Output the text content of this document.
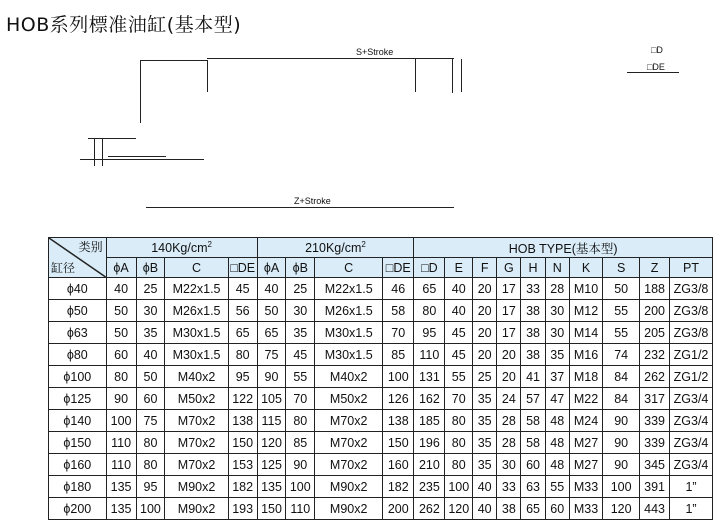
HOB系列標准油缸(基本型)
S+Stroke
Z+Stroke
□D
□DE
类别
缸径	$140Kg/cm^2$				$210Kg/cm^2$				HOB TYPE(基本型)									
	ϕA	ϕB	C	□DE	ϕA	ϕB	C	□DE	□D	E	F	G	H	N	K	S	Z	PT
ϕ40	40	25	M22x1.5	45	40	25	M22x1.5	46	65	40	20	17	33	28	M10	50	188	ZG3/8
ϕ50	50	30	M26x1.5	56	50	30	M26x1.5	58	80	40	20	17	38	30	M12	55	200	ZG3/8
ϕ63	50	35	M30x1.5	65	65	35	M30x1.5	70	95	45	20	17	38	30	M14	55	205	ZG3/8
ϕ80	60	40	M30x1.5	80	75	45	M30x1.5	85	110	45	20	20	38	35	M16	74	232	ZG1/2
ϕ100	80	50	M40x2	95	90	55	M40x2	100	131	55	25	20	41	37	M18	84	262	ZG1/2
ϕ125	90	60	M50x2	122	105	70	M50x2	126	162	70	35	24	57	47	M22	84	317	ZG3/4
ϕ140	100	75	M70x2	138	115	80	M70x2	138	185	80	35	28	58	48	M24	90	339	ZG3/4
ϕ150	110	80	M70x2	150	120	85	M70x2	150	196	80	35	28	58	48	M27	90	339	ZG3/4
ϕ160	110	80	M70x2	153	125	90	M70x2	160	210	80	35	30	60	48	M27	90	345	ZG3/4
ϕ180	135	95	M90x2	182	135	100	M90x2	182	235	100	40	33	63	55	M33	100	391	1”
ϕ200	135	100	M90x2	193	150	110	M90x2	200	262	120	40	38	65	60	M33	120	443	1”
